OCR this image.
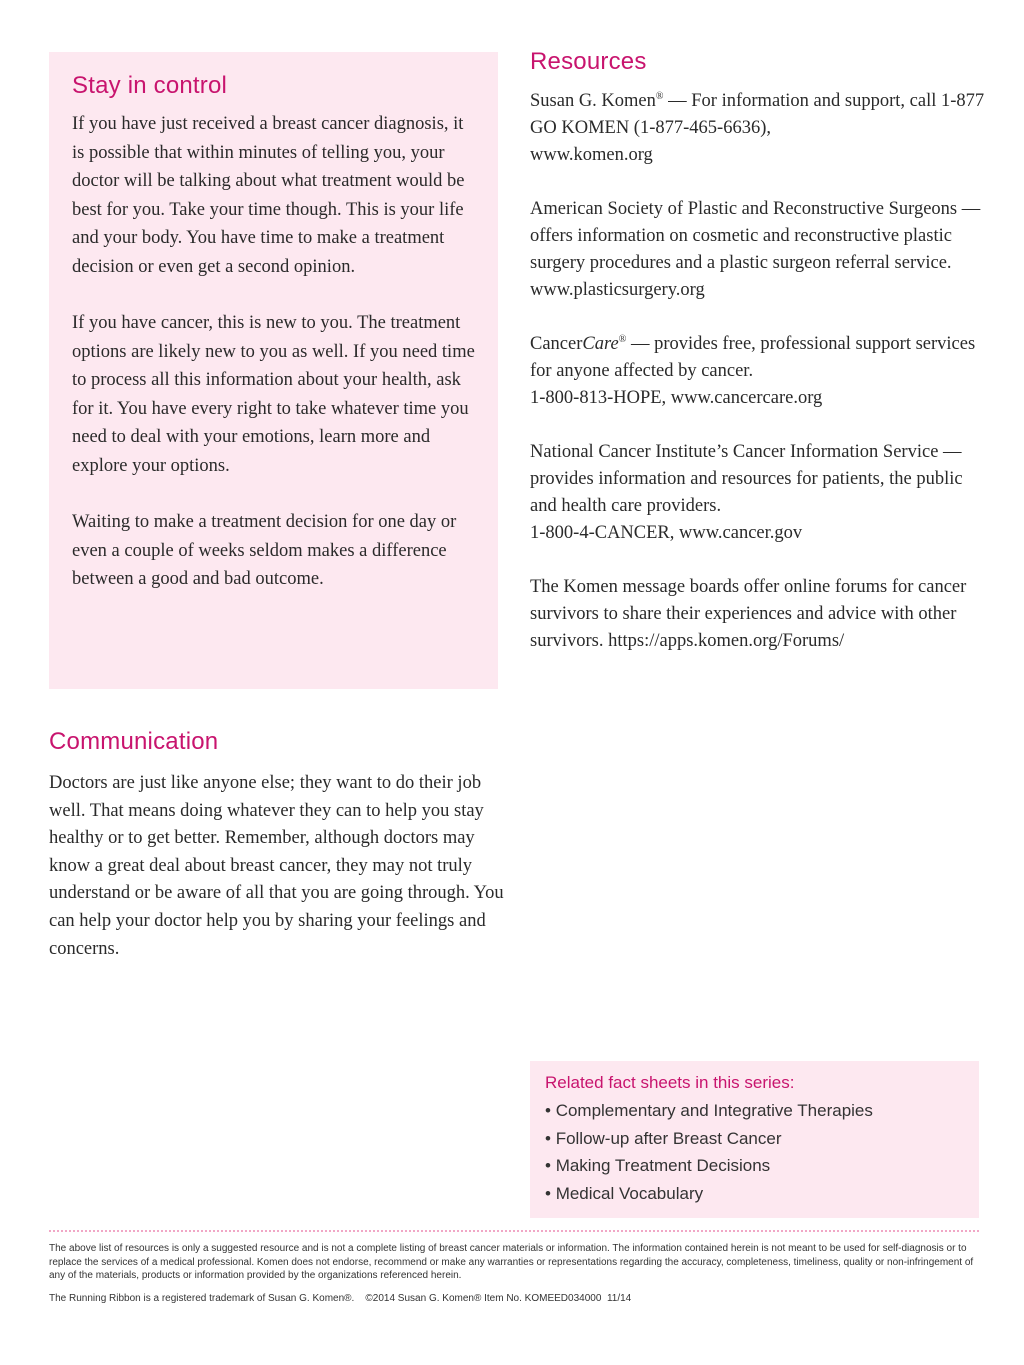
Stay in control

If you have just received a breast cancer diagnosis, it is possible that within minutes of telling you, your doctor will be talking about what treatment would be best for you. Take your time though. This is your life and your body. You have time to make a treatment decision or even get a second opinion.

If you have cancer, this is new to you. The treatment options are likely new to you as well. If you need time to process all this information about your health, ask for it. You have every right to take whatever time you need to deal with your emotions, learn more and explore your options.

Waiting to make a treatment decision for one day or even a couple of weeks seldom makes a difference between a good and bad outcome.

Resources

Susan G. Komen® — For information and support, call 1-877 GO KOMEN (1-877-465-6636),
www.komen.org

American Society of Plastic and Reconstructive Surgeons — offers information on cosmetic and reconstructive plastic surgery procedures and a plastic surgeon referral service.
www.plasticsurgery.org

CancerCare® — provides free, professional support services for anyone affected by cancer.
1-800-813-HOPE, www.cancercare.org

National Cancer Institute’s Cancer Information Service — provides information and resources for patients, the public and health care providers.
1-800-4-CANCER, www.cancer.gov

The Komen message boards offer online forums for cancer survivors to share their experiences and advice with other survivors. https://apps.komen.org/Forums/

Communication

Doctors are just like anyone else; they want to do their job well. That means doing whatever they can to help you stay healthy or to get better. Remember, although doctors may know a great deal about breast cancer, they may not truly understand or be aware of all that you are going through. You can help your doctor help you by sharing your feelings and concerns.

Related fact sheets in this series:
• Complementary and Integrative Therapies
• Follow-up after Breast Cancer
• Making Treatment Decisions
• Medical Vocabulary

The above list of resources is only a suggested resource and is not a complete listing of breast cancer materials or information. The information contained herein is not meant to be used for self-diagnosis or to replace the services of a medical professional. Komen does not endorse, recommend or make any warranties or representations regarding the accuracy, completeness, timeliness, quality or non-infringement of any of the materials, products or information provided by the organizations referenced herein.

The Running Ribbon is a registered trademark of Susan G. Komen®.    ©2014 Susan G. Komen® Item No. KOMEED034000  11/14
